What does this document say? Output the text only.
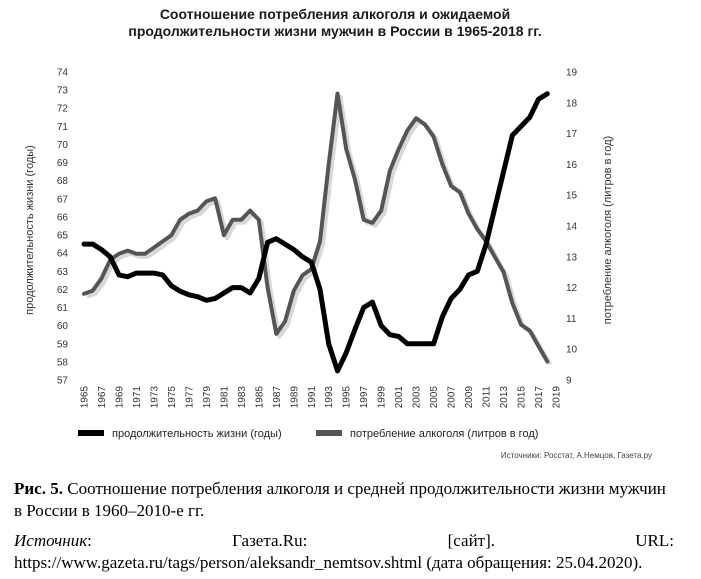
Соотношение потребления алкоголя и ожидаемой
продолжительности жизни мужчин в России в 1965-2018 гг.
57
58
59
60
61
62
63
64
65
66
67
68
69
70
71
72
73
74
9
10
11
12
13
14
15
16
17
18
19
1965 1967 1969 1971 1973 1975 1977 1979 1981 1983 1985 1987 1989 1991 1993 1995 1997 1999 2001 2003 2005 2007 2009 2011 2013 2015 2017 2019
продолжительность жизни (годы)	потребление алкоголя (литров в год)
продолжительность жизни (годы)	потребление алкоголя (литров в год)
Источники: Росстат, А.Немцов, Газета.ру

Рис. 5. Соотношение потребления алкоголя и средней продолжительности жизни мужчин в России в 1960–2010-е гг.

Источник: Газета.Ru: [сайт]. URL: https://www.gazeta.ru/tags/person/aleksandr_nemtsov.shtml (дата обращения: 25.04.2020).
